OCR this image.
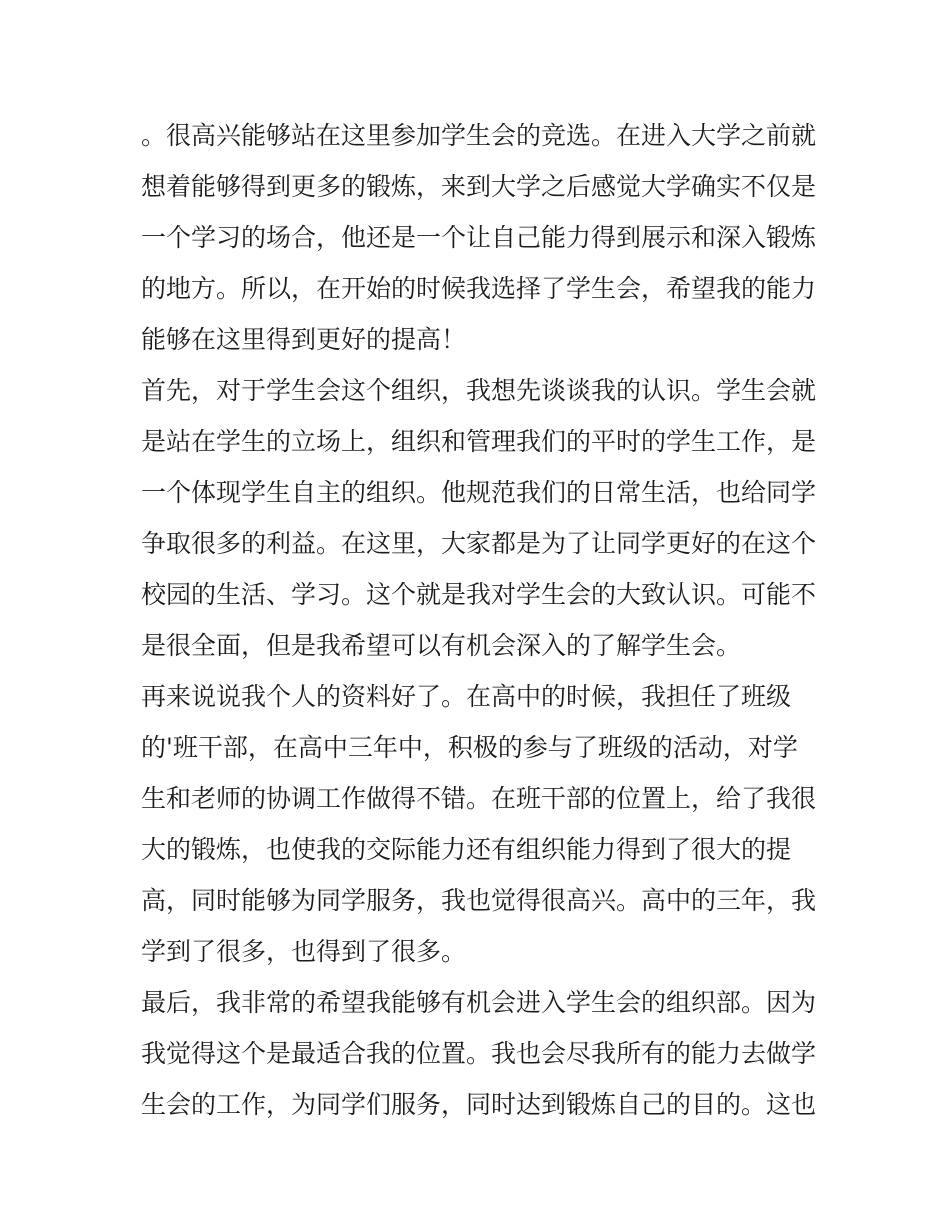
。很高兴能够站在这里参加学生会的竞选。在进入大学之前就
想着能够得到更多的锻炼，来到大学之后感觉大学确实不仅是
一个学习的场合，他还是一个让自己能力得到展示和深入锻炼
的地方。所以，在开始的时候我选择了学生会，希望我的能力
能够在这里得到更好的提高！
首先，对于学生会这个组织，我想先谈谈我的认识。学生会就
是站在学生的立场上，组织和管理我们的平时的学生工作，是
一个体现学生自主的组织。他规范我们的日常生活，也给同学
争取很多的利益。在这里，大家都是为了让同学更好的在这个
校园的生活、学习。这个就是我对学生会的大致认识。可能不
是很全面，但是我希望可以有机会深入的了解学生会。
再来说说我个人的资料好了。在高中的时候，我担任了班级
的'班干部，在高中三年中，积极的参与了班级的活动，对学
生和老师的协调工作做得不错。在班干部的位置上，给了我很
大的锻炼，也使我的交际能力还有组织能力得到了很大的提
高，同时能够为同学服务，我也觉得很高兴。高中的三年，我
学到了很多，也得到了很多。
最后，我非常的希望我能够有机会进入学生会的组织部。因为
我觉得这个是最适合我的位置。我也会尽我所有的能力去做学
生会的工作，为同学们服务，同时达到锻炼自己的目的。这也
